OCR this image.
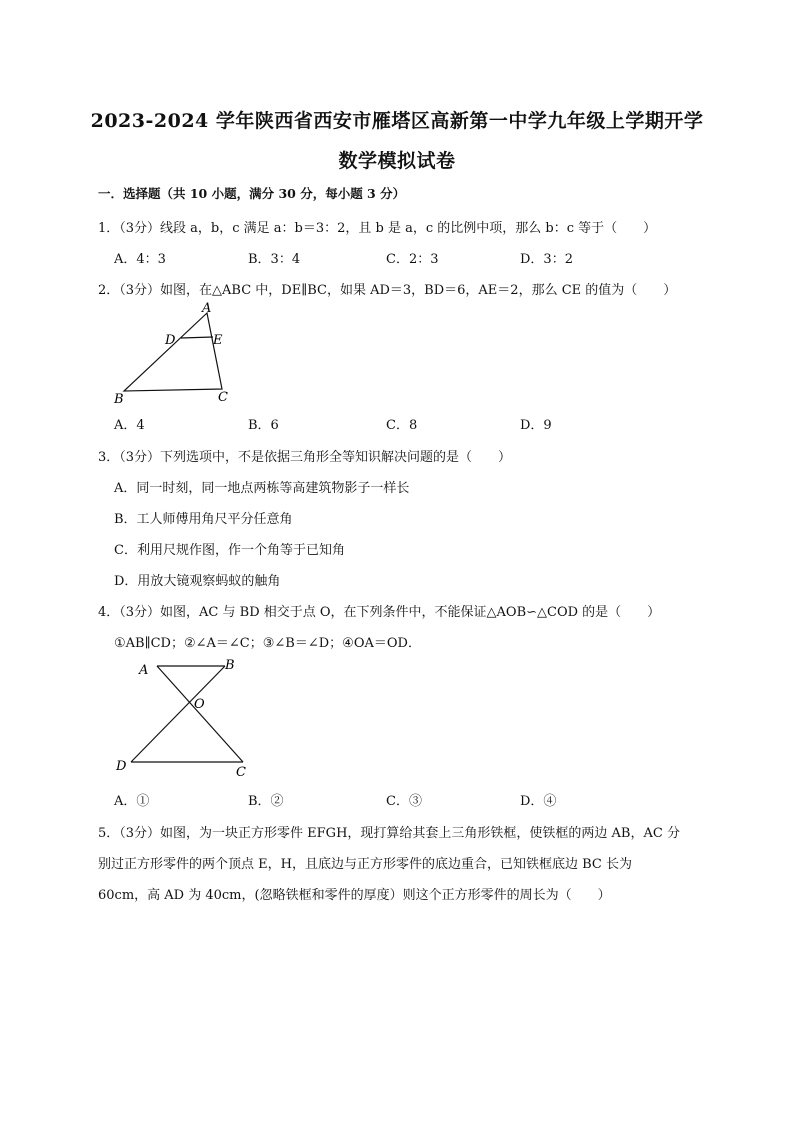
2023-2024 学年陕西省西安市雁塔区高新第一中学九年级上学期开学
数学模拟试卷
一．选择题（共 10 小题，满分 30 分，每小题 3 分）
1．（3分）线段 a，b，c 满足 a：b＝3：2，且 b 是 a，c 的比例中项，那么 b：c 等于（　　）
A．4：3	B．3：4	C．2：3	D．3：2
2．（3分）如图，在△ABC 中，DE∥BC，如果 AD＝3，BD＝6，AE＝2，那么 CE 的值为（　　）
A
D	E
B	C
A．4	B．6	C．8	D．9
3．（3分）下列选项中，不是依据三角形全等知识解决问题的是（　　）
A．同一时刻，同一地点两栋等高建筑物影子一样长
B．工人师傅用角尺平分任意角
C．利用尺规作图，作一个角等于已知角
D．用放大镜观察蚂蚁的触角
4．（3分）如图，AC 与 BD 相交于点 O，在下列条件中，不能保证△AOB∽△COD 的是（　　）
①AB∥CD；②∠A＝∠C；③∠B＝∠D；④OA＝OD．
A	B
O
D	C
A．①	B．②	C．③	D．④
5．（3分）如图，为一块正方形零件 EFGH，现打算给其套上三角形铁框，使铁框的两边 AB，AC 分
别过正方形零件的两个顶点 E，H，且底边与正方形零件的底边重合，已知铁框底边 BC 长为
60cm，高 AD 为 40cm，(忽略铁框和零件的厚度）则这个正方形零件的周长为（　　）
